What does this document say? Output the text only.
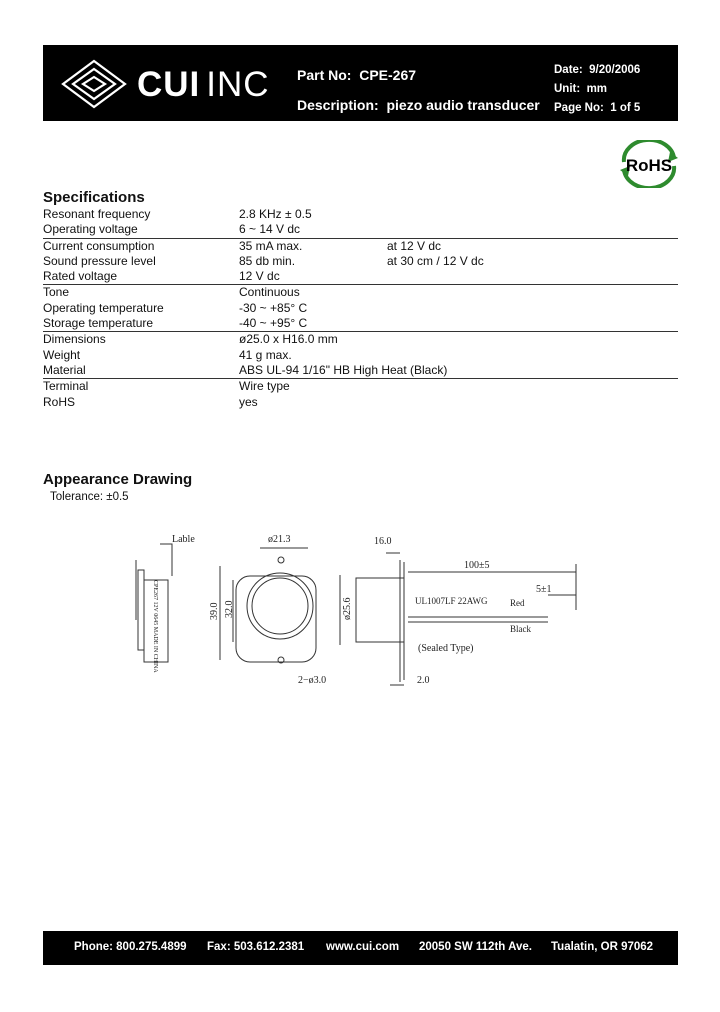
CUI INC Part No: CPE-267
Description: piezo audio transducer
Date: 9/20/2006
Unit: mm
Page No: 1 of 5
RoHS
Specifications
Resonant frequency	2.8 KHz ± 0.5
Operating voltage	6 ~ 14 V dc
Current consumption	35 mA max.	at 12 V dc
Sound pressure level	85 db min.	at 30 cm / 12 V dc
Rated voltage	12 V dc
Tone	Continuous
Operating temperature	-30 ~ +85° C
Storage temperature	-40 ~ +95° C
Dimensions	ø25.0 x H16.0 mm
Weight	41 g max.
Material	ABS UL-94 1/16" HB High Heat (Black)
Terminal	Wire type
RoHS	yes
Appearance Drawing
Tolerance: ±0.5
Lable
CPE267 12V 0645 MADE IN CHINA
ø21.3
39.0 32.0
2−ø3.0
16.0
ø25.6
2.0
100±5
5±1
UL1007LF 22AWG Red
Black
(Sealed Type)
Phone: 800.275.4899 Fax: 503.612.2381 www.cui.com 20050 SW 112th Ave. Tualatin, OR 97062
